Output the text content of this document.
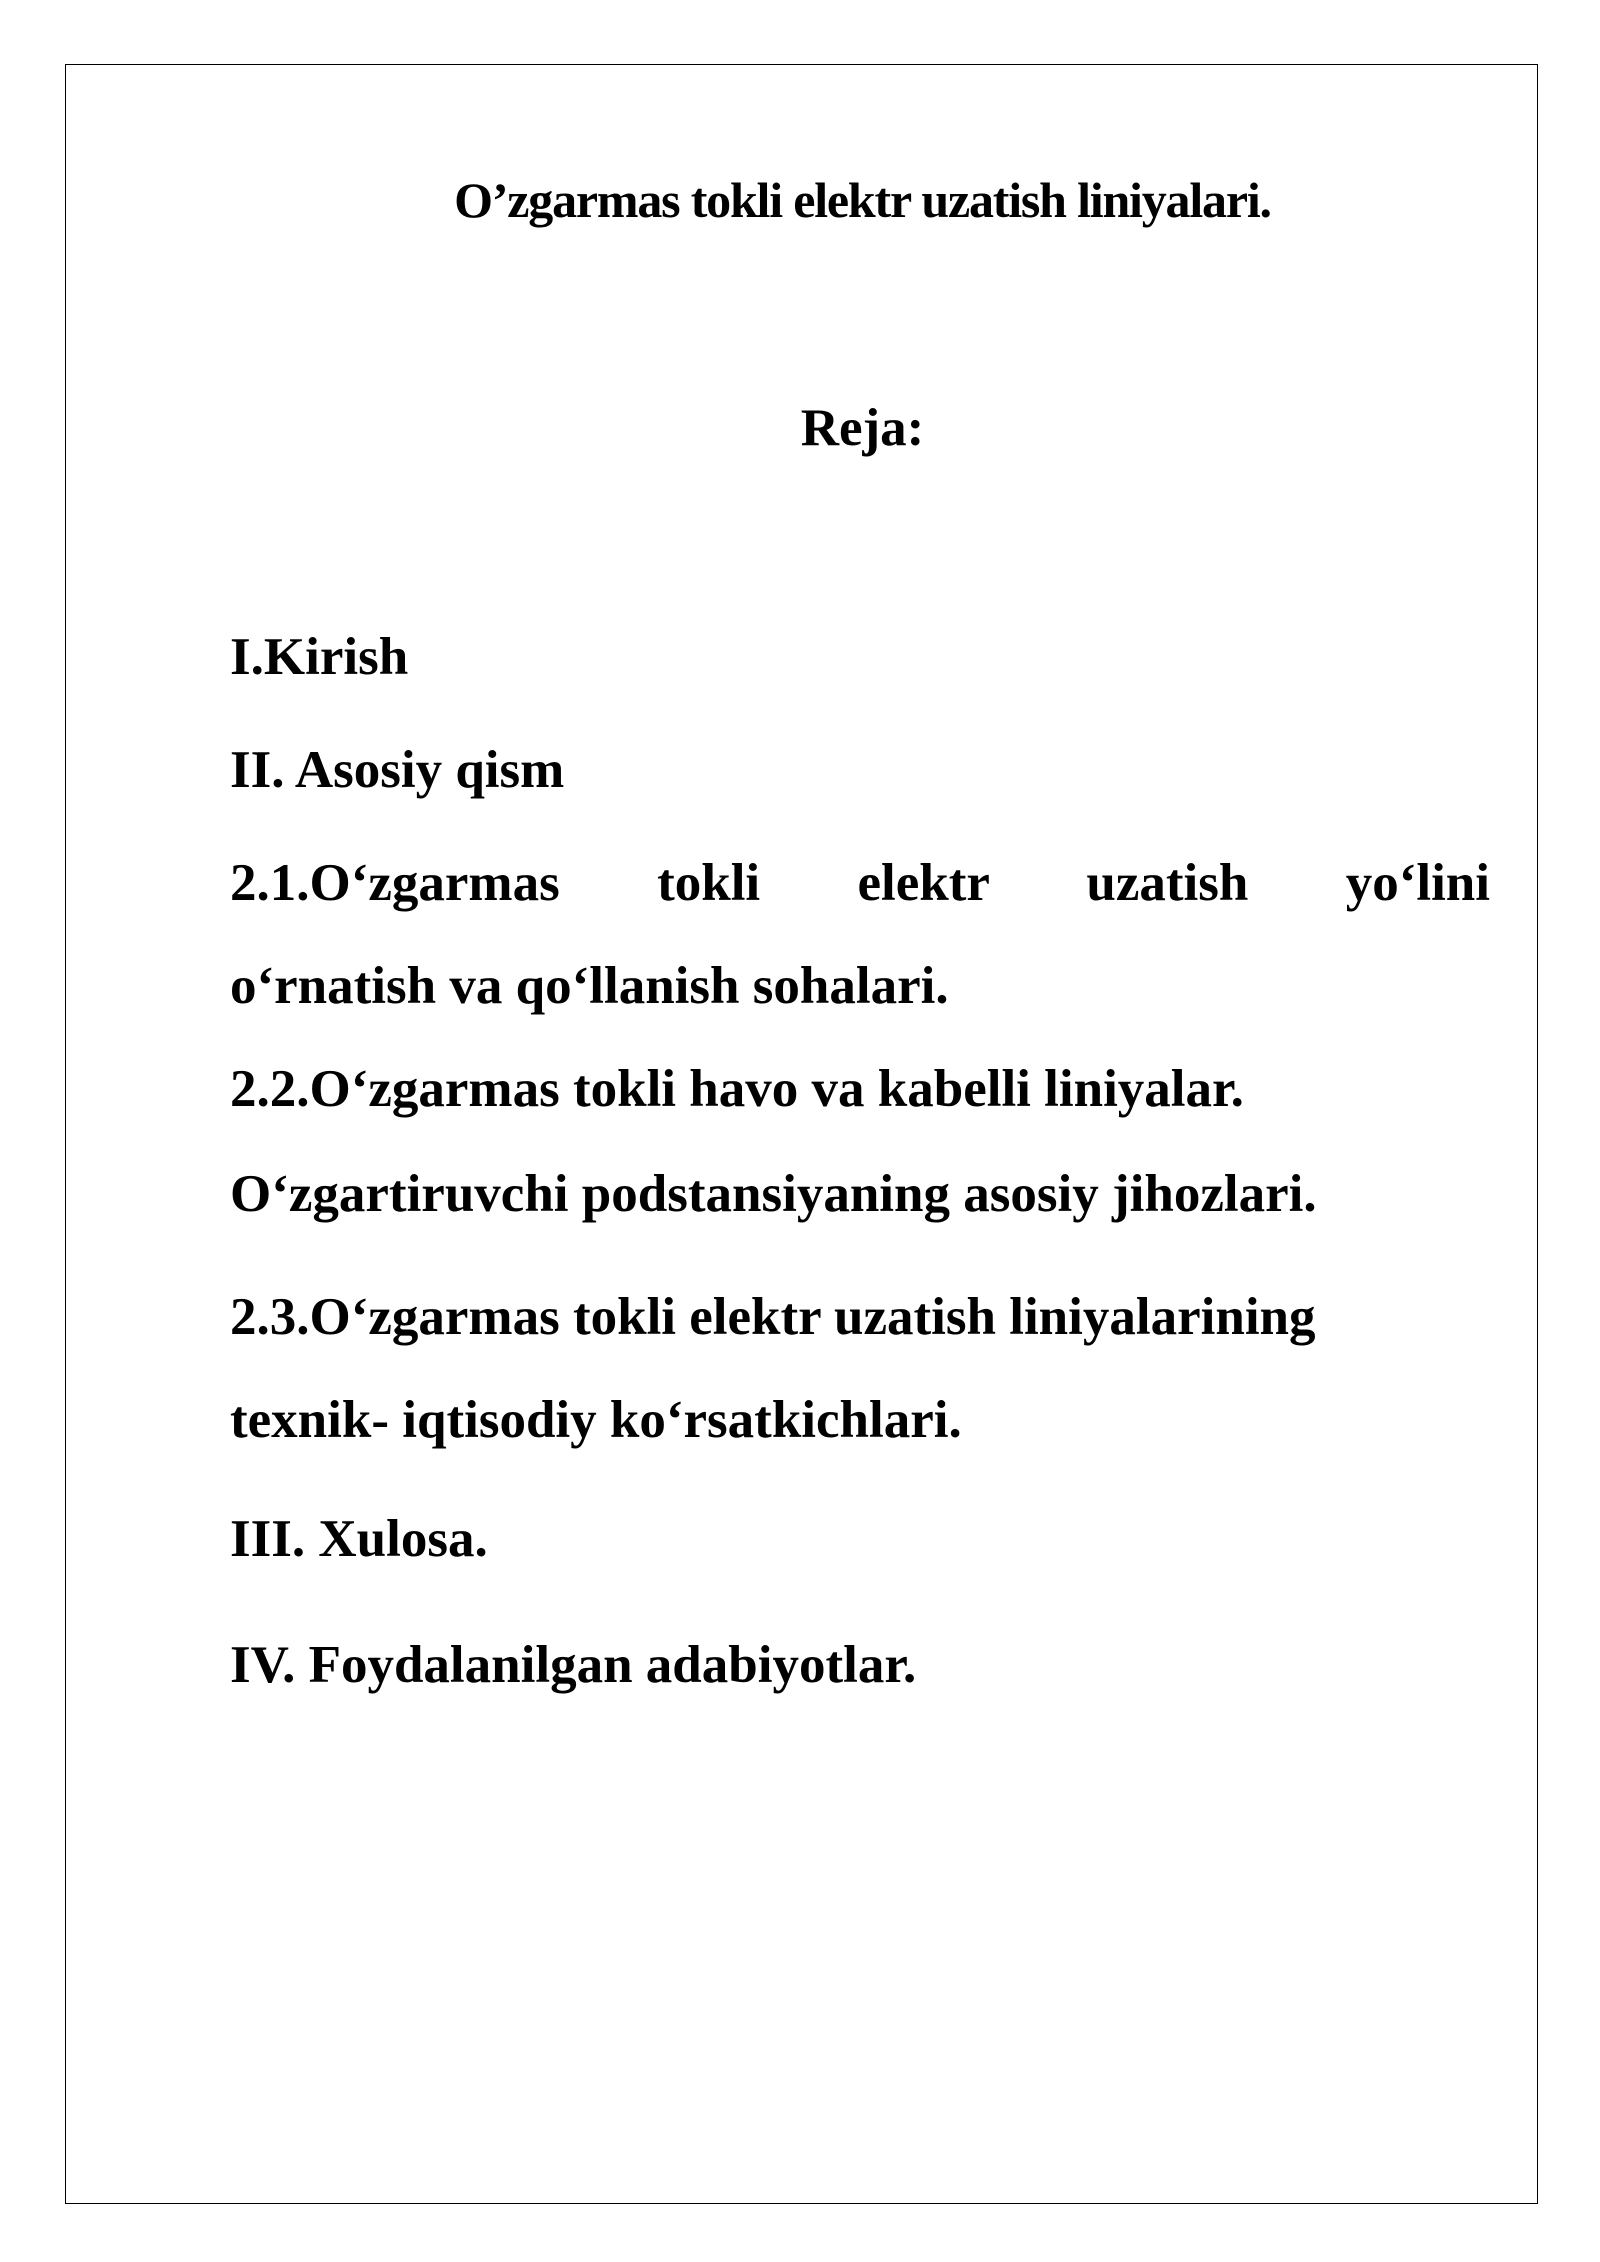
O’zgarmas tokli elektr uzatish liniyalari.
Reja:
I.Kirish
II. Asosiy qism
2.1.O‘zgarmas tokli elektr uzatish yo‘lini
o‘rnatish va qo‘llanish sohalari.
2.2.O‘zgarmas tokli havo va kabelli liniyalar.
O‘zgartiruvchi podstansiyaning asosiy jihozlari.
2.3.O‘zgarmas tokli elektr uzatish liniyalarining
texnik- iqtisodiy ko‘rsatkichlari.
III. Xulosa.
IV. Foydalanilgan adabiyotlar.
